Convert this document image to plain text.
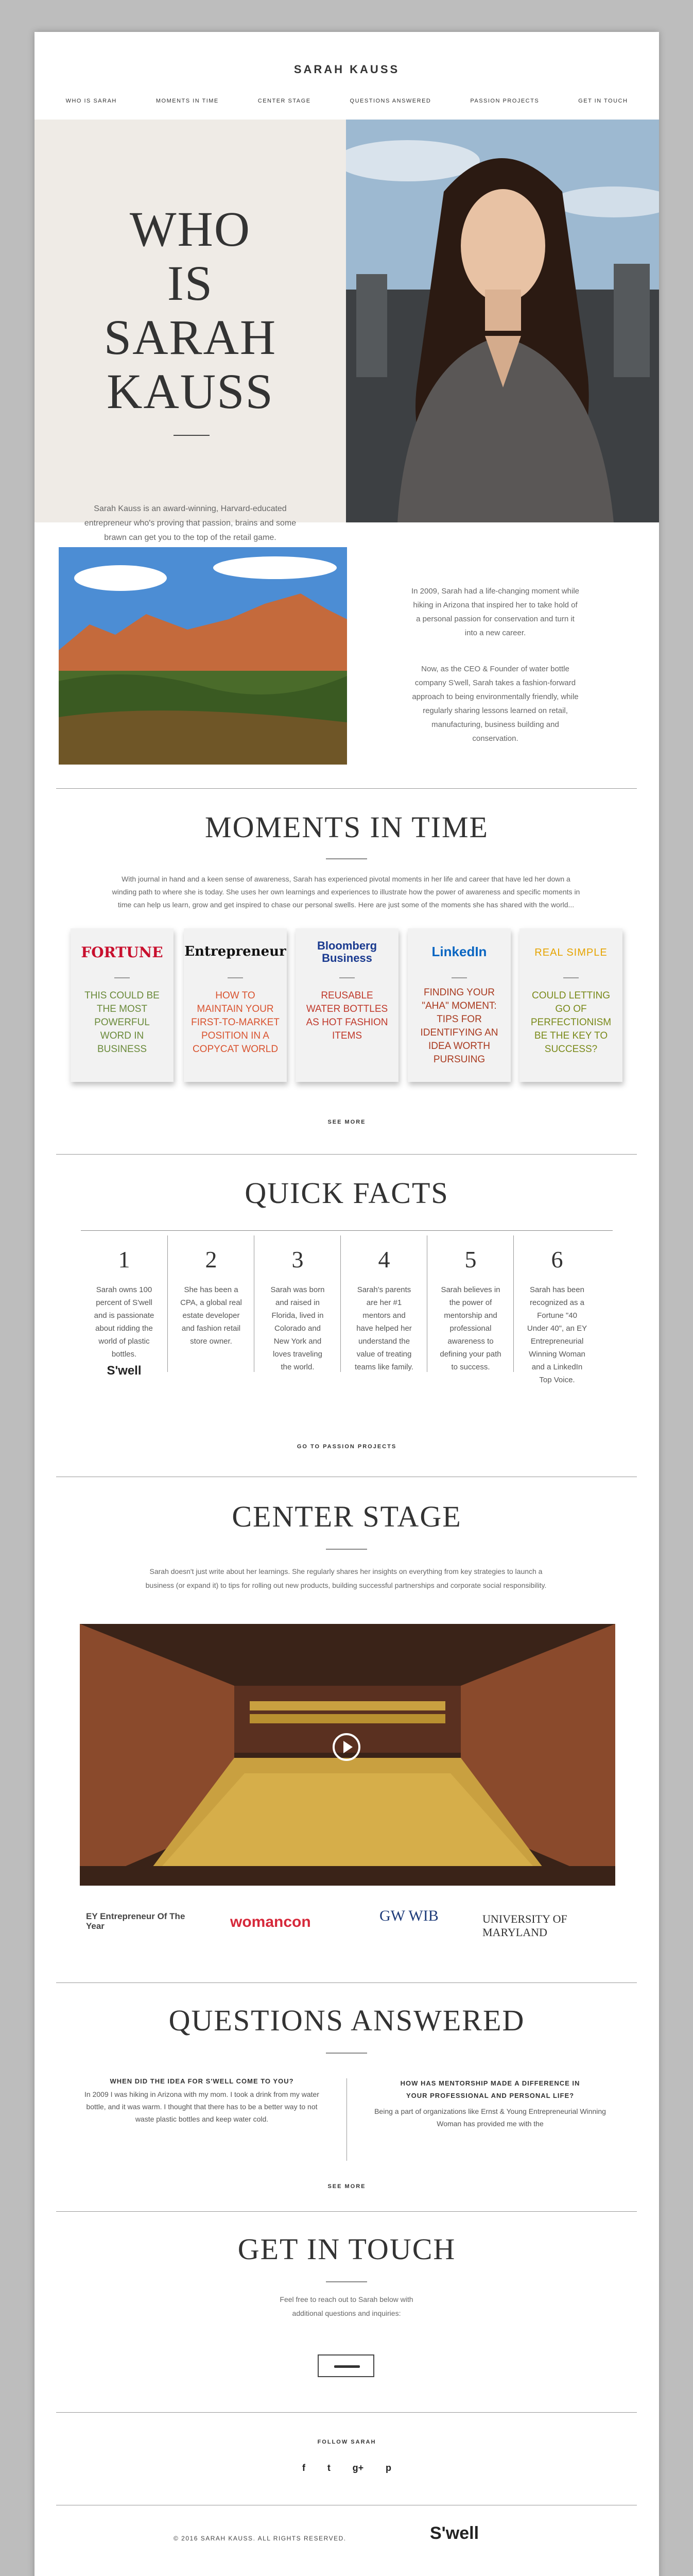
SARAH KAUSS
WHO IS SARAH	MOMENTS IN TIME	CENTER STAGE	QUESTIONS ANSWERED	PASSION PROJECTS	GET IN TOUCH
WHO
IS
SARAH
KAUSS
Sarah Kauss is an award-winning, Harvard-educated entrepreneur who's proving that passion, brains and some brawn can get you to the top of the retail game.
In 2009, Sarah had a life-changing moment while hiking in Arizona that inspired her to take hold of a personal passion for conservation and turn it into a new career.
Now, as the CEO & Founder of water bottle company S'well, Sarah takes a fashion-forward approach to being environmentally friendly, while regularly sharing lessons learned on retail, manufacturing, business building and conservation.
MOMENTS IN TIME
With journal in hand and a keen sense of awareness, Sarah has experienced pivotal moments in her life and career that have led her down a winding path to where she is today. She uses her own learnings and experiences to illustrate how the power of awareness and specific moments in time can help us learn, grow and get inspired to chase our personal swells. Here are just some of the moments she has shared with the world...
FORTUNE
THIS COULD BE THE MOST POWERFUL WORD IN BUSINESS
Entrepreneur
HOW TO MAINTAIN YOUR FIRST-TO-MARKET POSITION IN A COPYCAT WORLD
Bloomberg Business
REUSABLE WATER BOTTLES AS HOT FASHION ITEMS
LinkedIn
FINDING YOUR "AHA" MOMENT: TIPS FOR IDENTIFYING AN IDEA WORTH PURSUING
REAL SIMPLE
COULD LETTING GO OF PERFECTIONISM BE THE KEY TO SUCCESS?
SEE MORE
QUICK FACTS
1
Sarah owns 100 percent of S'well and is passionate about ridding the world of plastic bottles.
S'well
2
She has been a CPA, a global real estate developer and fashion retail store owner.
3
Sarah was born and raised in Florida, lived in Colorado and New York and loves traveling the world.
4
Sarah's parents are her #1 mentors and have helped her understand the value of treating teams like family.
5
Sarah believes in the power of mentorship and professional awareness to defining your path to success.
6
Sarah has been recognized as a Fortune "40 Under 40", an EY Entrepreneurial Winning Woman and a LinkedIn Top Voice.
GO TO PASSION PROJECTS
CENTER STAGE
Sarah doesn't just write about her learnings. She regularly shares her insights on everything from key strategies to launch a business (or expand it) to tips for rolling out new products, building successful partnerships and corporate social responsibility.
EY Entrepreneur Of The Year	womancon	GW WIB	UNIVERSITY OF MARYLAND
QUESTIONS ANSWERED
WHEN DID THE IDEA FOR S'WELL COME TO YOU?
In 2009 I was hiking in Arizona with my mom. I took a drink from my water bottle, and it was warm. I thought that there has to be a better way to not waste plastic bottles and keep water cold.
HOW HAS MENTORSHIP MADE A DIFFERENCE IN YOUR PROFESSIONAL AND PERSONAL LIFE?
Being a part of organizations like Ernst & Young Entrepreneurial Winning Woman has provided me with the
SEE MORE
GET IN TOUCH
Feel free to reach out to Sarah below with additional questions and inquiries:
FOLLOW SARAH
f t g+ p
© 2016 SARAH KAUSS. ALL RIGHTS RESERVED.	S'well
